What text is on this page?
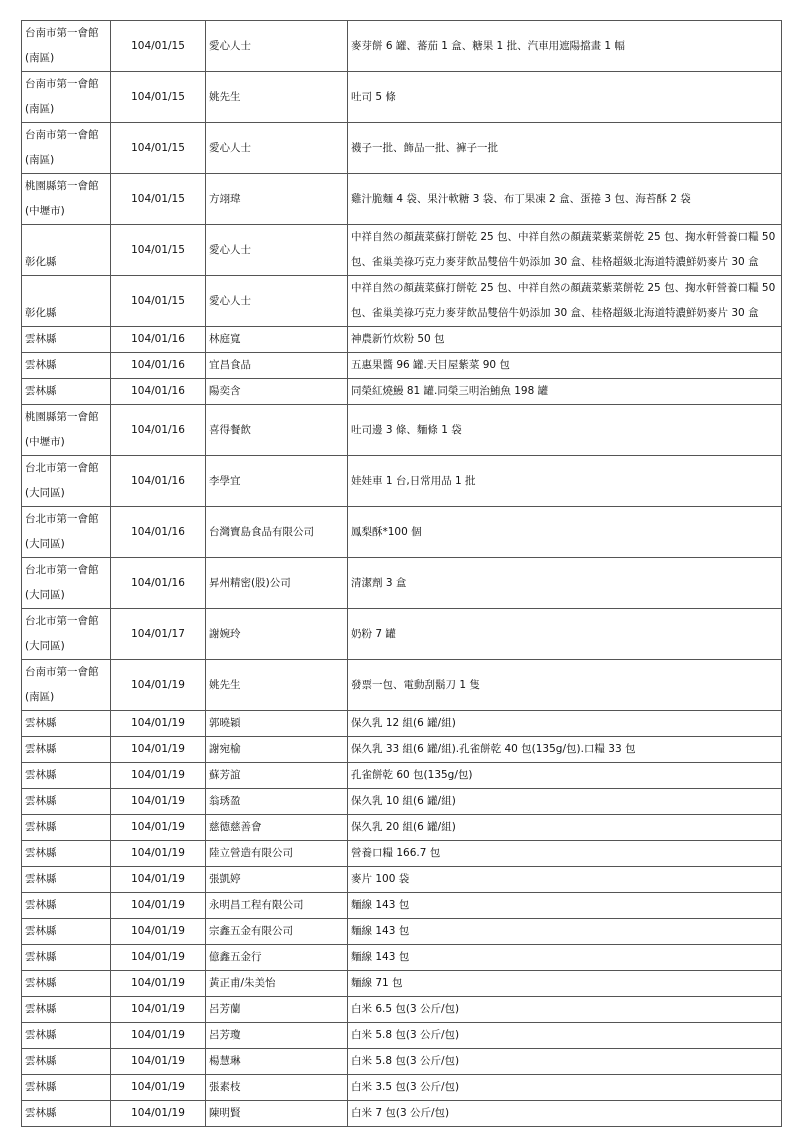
台南市第一會館
(南區)	104/01/15	愛心人士	麥芽餅 6 罐、蕃茄 1 盒、糖果 1 批、汽車用遮陽擋畫 1 幅

台南市第一會館
(南區)	104/01/15	姚先生	吐司 5 條

台南市第一會館
(南區)	104/01/15	愛心人士	襪子一批、飾品一批、褲子一批

桃園縣第一會館
(中壢市)	104/01/15	方翊瑋	雞汁脆麵 4 袋、果汁軟糖 3 袋、布丁果凍 2 盒、蛋捲 3 包、海苔酥 2 袋

彰化縣	104/01/15	愛心人士	中祥自然の顏蔬菜蘇打餅乾 25 包、中祥自然の顏蔬菜紫菜餅乾 25 包、掬水軒營養口糧 50 包、雀巢美祿巧克力麥芽飲品雙倍牛奶添加 30 盒、桂格超級北海道特濃鮮奶麥片 30 盒

彰化縣	104/01/15	愛心人士	中祥自然の顏蔬菜蘇打餅乾 25 包、中祥自然の顏蔬菜紫菜餅乾 25 包、掬水軒營養口糧 50 包、雀巢美祿巧克力麥芽飲品雙倍牛奶添加 30 盒、桂格超級北海道特濃鮮奶麥片 30 盒

雲林縣	104/01/16	林庭寬	神農新竹炊粉 50 包

雲林縣	104/01/16	宜昌食品	五惠果醬 96 罐.天目屋紫菜 90 包

雲林縣	104/01/16	陽奕含	同榮紅燒鰻 81 罐.同榮三明治鮪魚 198 罐

桃園縣第一會館
(中壢市)	104/01/16	喜得餐飲	吐司邊 3 條、麵條 1 袋

台北市第一會館
(大同區)	104/01/16	李學宜	娃娃車 1 台,日常用品 1 批

台北市第一會館
(大同區)	104/01/16	台灣寶島食品有限公司	鳳梨酥*100 個

台北市第一會館
(大同區)	104/01/16	昇州精密(股)公司	清潔劑 3 盒

台北市第一會館
(大同區)	104/01/17	謝婉玲	奶粉 7 罐

台南市第一會館
(南區)	104/01/19	姚先生	發票一包、電動刮鬍刀 1 隻

雲林縣	104/01/19	郭曉穎	保久乳 12 組(6 罐/組)

雲林縣	104/01/19	謝宛榆	保久乳 33 組(6 罐/組).孔雀餅乾 40 包(135g/包).口糧 33 包

雲林縣	104/01/19	蘇芳誼	孔雀餅乾 60 包(135g/包)

雲林縣	104/01/19	翁琇盈	保久乳 10 組(6 罐/組)

雲林縣	104/01/19	慈德慈善會	保久乳 20 組(6 罐/組)

雲林縣	104/01/19	陸立營造有限公司	營養口糧 166.7 包

雲林縣	104/01/19	張凱婷	麥片 100 袋

雲林縣	104/01/19	永明昌工程有限公司	麵線 143 包

雲林縣	104/01/19	宗鑫五金有限公司	麵線 143 包

雲林縣	104/01/19	億鑫五金行	麵線 143 包

雲林縣	104/01/19	黃正甫/朱美怡	麵線 71 包

雲林縣	104/01/19	呂芳蘭	白米 6.5 包(3 公斤/包)

雲林縣	104/01/19	呂芳瓊	白米 5.8 包(3 公斤/包)

雲林縣	104/01/19	楊慧琳	白米 5.8 包(3 公斤/包)

雲林縣	104/01/19	張素枝	白米 3.5 包(3 公斤/包)

雲林縣	104/01/19	陳明賢	白米 7 包(3 公斤/包)
